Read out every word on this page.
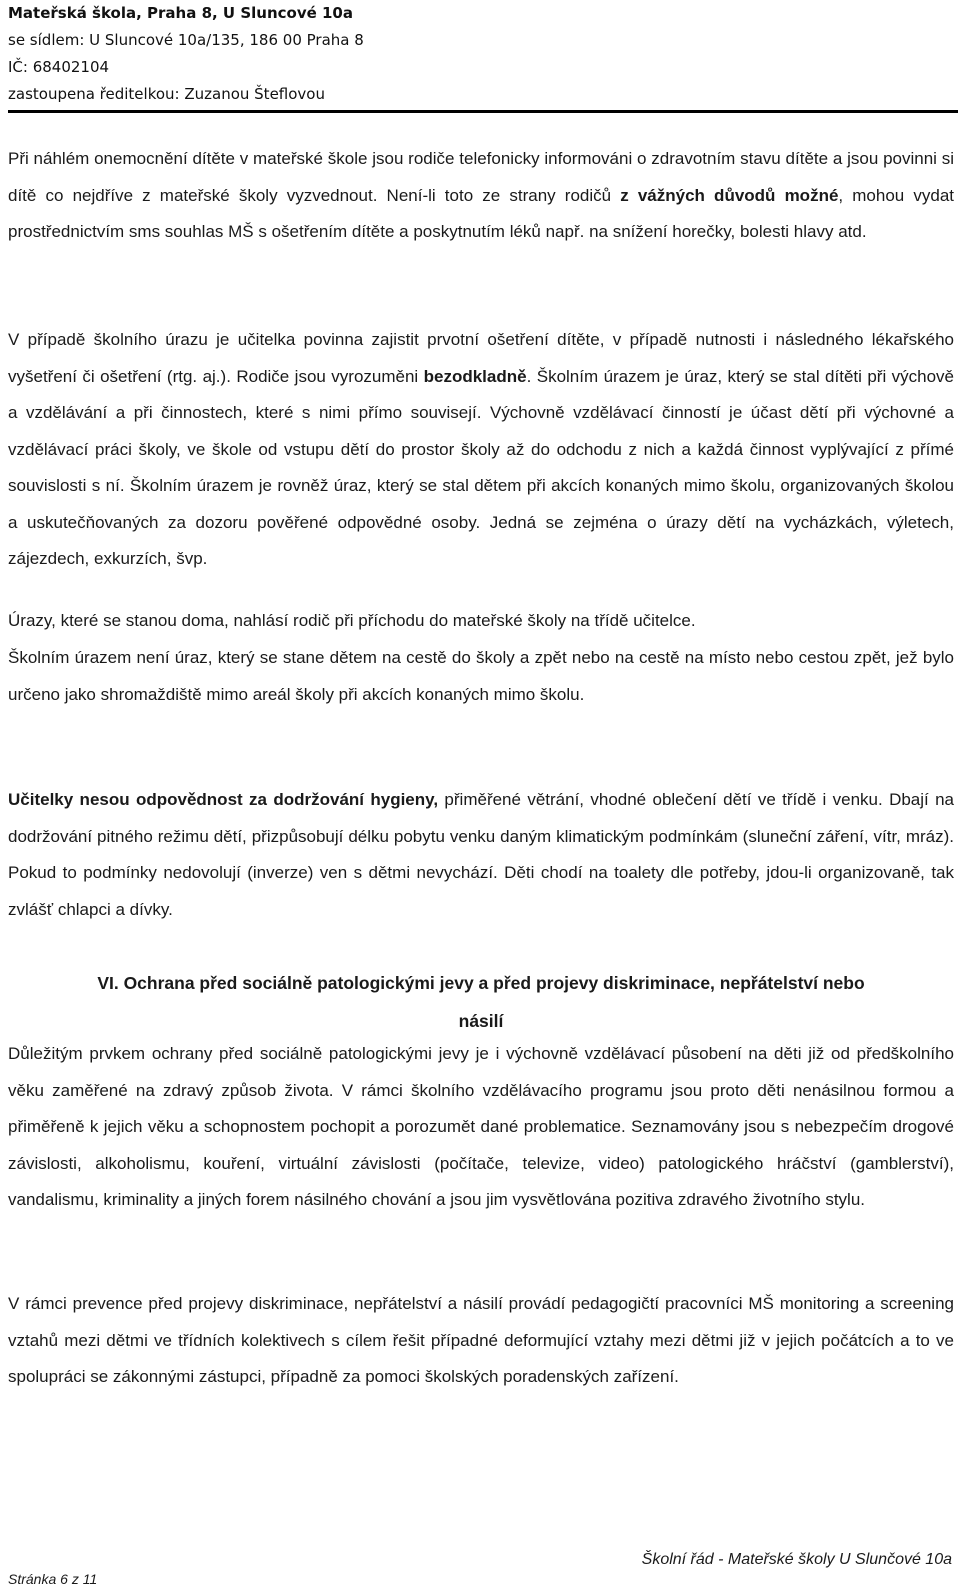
Mateřská škola, Praha 8, U Sluncové 10a
se sídlem: U Sluncové 10a/135, 186 00 Praha 8
IČ: 68402104
zastoupena ředitelkou: Zuzanou Šteflovou

Při náhlém onemocnění dítěte v mateřské škole jsou rodiče telefonicky informováni o zdravotním stavu dítěte a jsou povinni si dítě co nejdříve z mateřské školy vyzvednout. Není-li toto ze strany rodičů z vážných důvodů možné, mohou vydat prostřednictvím sms souhlas MŠ s ošetřením dítěte a poskytnutím léků např. na snížení horečky, bolesti hlavy atd.

V případě školního úrazu je učitelka povinna zajistit prvotní ošetření dítěte, v případě nutnosti i následného lékařského vyšetření či ošetření (rtg. aj.). Rodiče jsou vyrozuměni bezodkladně. Školním úrazem je úraz, který se stal dítěti při výchově a vzdělávání a při činnostech, které s nimi přímo souvisejí. Výchovně vzdělávací činností je účast dětí při výchovné a vzdělávací práci školy, ve škole od vstupu dětí do prostor školy až do odchodu z nich a každá činnost vyplývající z přímé souvislosti s ní. Školním úrazem je rovněž úraz, který se stal dětem při akcích konaných mimo školu, organizovaných školou a uskutečňovaných za dozoru pověřené odpovědné osoby. Jedná se zejména o úrazy dětí na vycházkách, výletech, zájezdech, exkurzích, švp.

Úrazy, které se stanou doma, nahlásí rodič při příchodu do mateřské školy na třídě učitelce.

Školním úrazem není úraz, který se stane dětem na cestě do školy a zpět nebo na cestě na místo nebo cestou zpět, jež bylo určeno jako shromaždiště mimo areál školy při akcích konaných mimo školu.

Učitelky nesou odpovědnost za dodržování hygieny, přiměřené větrání, vhodné oblečení dětí ve třídě i venku. Dbají na dodržování pitného režimu dětí, přizpůsobují délku pobytu venku daným klimatickým podmínkám (sluneční záření, vítr, mráz). Pokud to podmínky nedovolují (inverze) ven s dětmi nevychází. Děti chodí na toalety dle potřeby, jdou-li organizovaně, tak zvlášť chlapci a dívky.

VI. Ochrana před sociálně patologickými jevy a před projevy diskriminace, nepřátelství nebo
násilí

Důležitým prvkem ochrany před sociálně patologickými jevy je i výchovně vzdělávací působení na děti již od předškolního věku zaměřené na zdravý způsob života. V rámci školního vzdělávacího programu jsou proto děti nenásilnou formou a přiměřeně k jejich věku a schopnostem pochopit a porozumět dané problematice. Seznamovány jsou s nebezpečím drogové závislosti, alkoholismu, kouření, virtuální závislosti (počítače, televize, video) patologického hráčství (gamblerství), vandalismu, kriminality a jiných forem násilného chování a jsou jim vysvětlována pozitiva zdravého životního stylu.

V rámci prevence před projevy diskriminace, nepřátelství a násilí provádí pedagogičtí pracovníci MŠ monitoring a screening vztahů mezi dětmi ve třídních kolektivech s cílem řešit případné deformující vztahy mezi dětmi již v jejich počátcích a to ve spolupráci se zákonnými zástupci, případně za pomoci školských poradenských zařízení.

Školní řád - Mateřské školy U Slunčové 10a
Stránka 6 z 11
